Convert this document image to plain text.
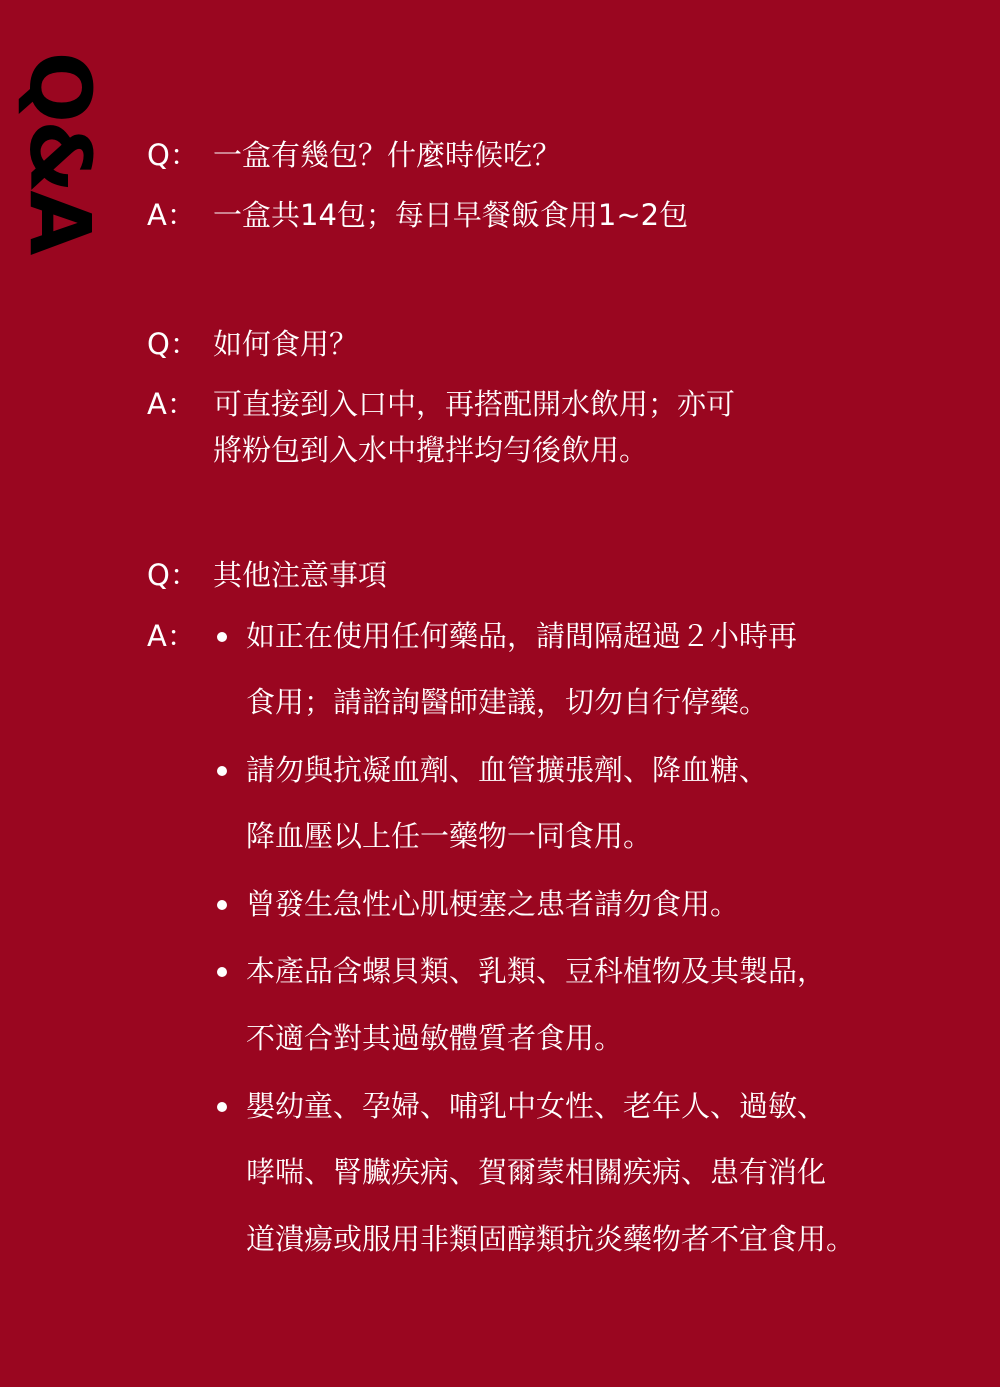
Q&A Q： 一盒有幾包？什麼時候吃？
A： 一盒共14包；每日早餐飯食用1~2包
Q： 如何食用？
A： 可直接到入口中，再搭配開水飲用；亦可
將粉包到入水中攪拌均勻後飲用。
Q： 其他注意事項
A：	如正在使用任何藥品，請間隔超過２小時再
食用；請諮詢醫師建議，切勿自行停藥。
請勿與抗凝血劑、血管擴張劑、降血糖、
降血壓以上任一藥物一同食用。
曾發生急性心肌梗塞之患者請勿食用。
本產品含螺貝類、乳類、豆科植物及其製品，
不適合對其過敏體質者食用。
嬰幼童、孕婦、哺乳中女性、老年人、過敏、
哮喘、腎臟疾病、賀爾蒙相關疾病、患有消化
道潰瘍或服用非類固醇類抗炎藥物者不宜食用。
